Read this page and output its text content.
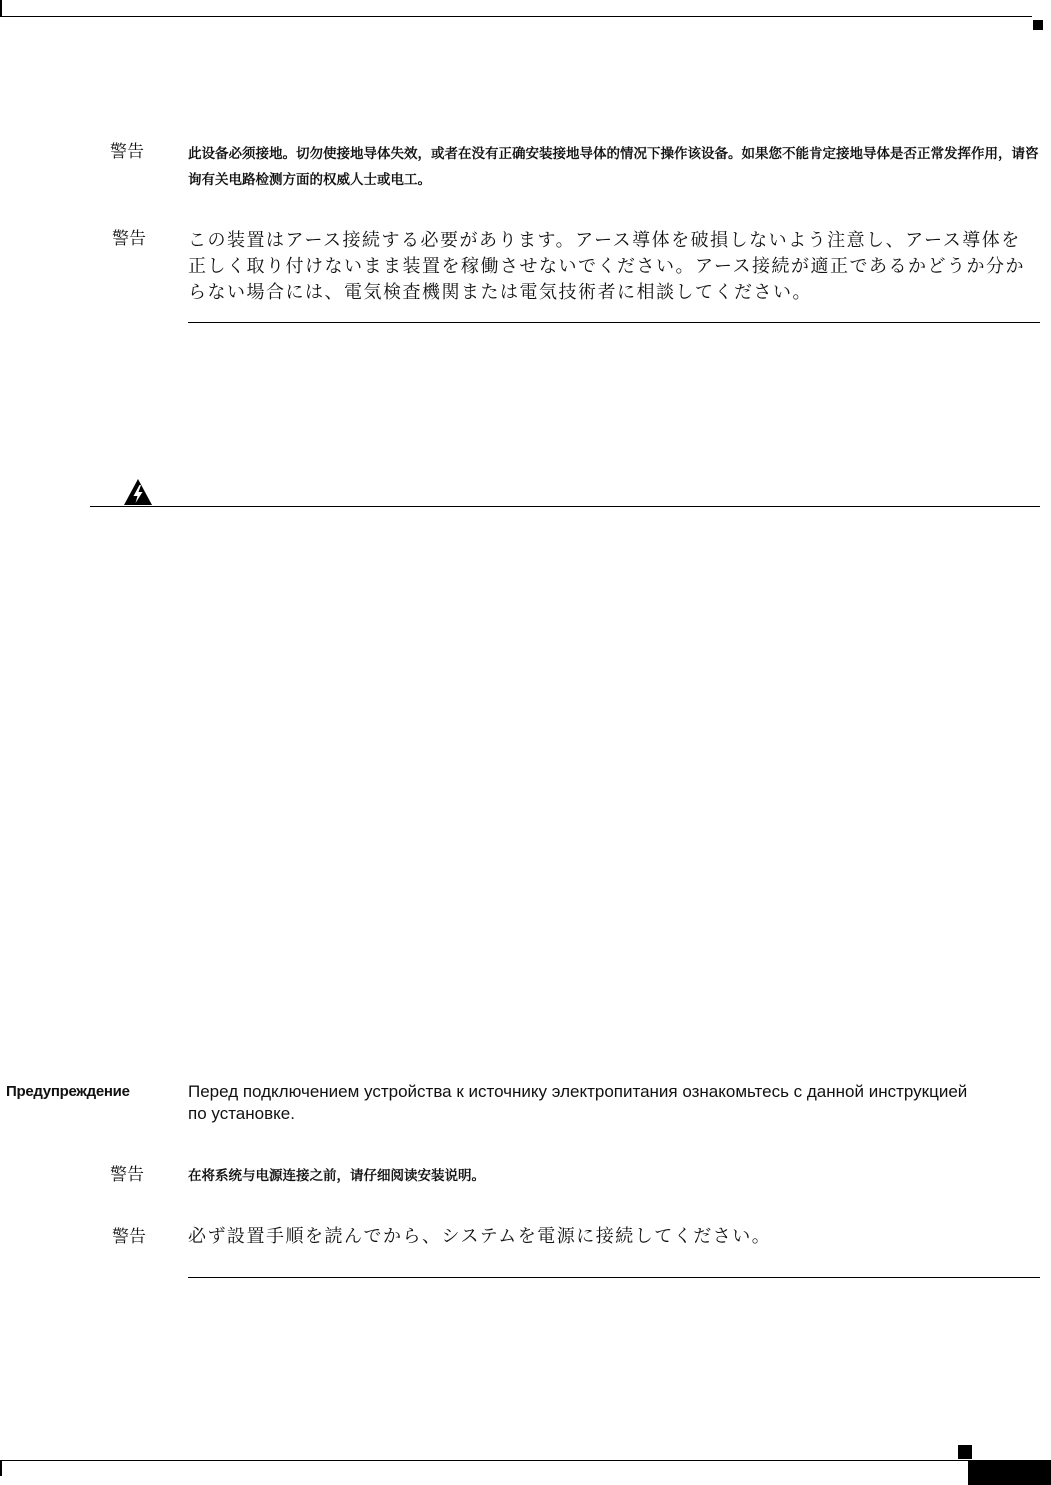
警告	此设备必须接地。切勿使接地导体失效，或者在没有正确安装接地导体的情况下操作该设备。如果您不能肯定接地导体是否正常发挥作用，请咨询有关电路检测方面的权威人士或电工。
警告 この装置はアース接続する必要があります。アース導体を破損しないよう注意し、アース導体を正しく取り付けないまま装置を稼働させないでください。アース接続が適正であるかどうか分からない場合には、電気検査機関または電気技術者に相談してください。
Предупреждение	Перед подключением устройства к источнику электропитания ознакомьтесь с данной инструкцией по установке.
警告	在将系统与电源连接之前，请仔细阅读安装说明。
警告 必ず設置手順を読んでから、システムを電源に接続してください。
